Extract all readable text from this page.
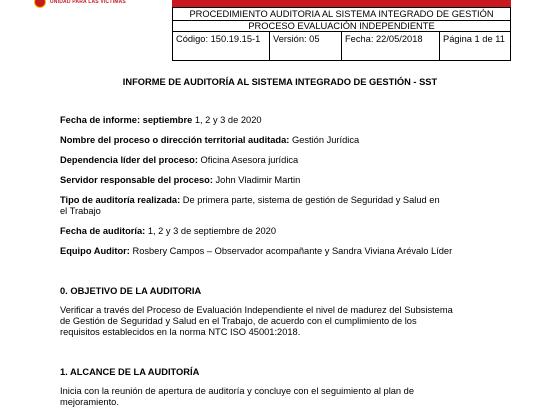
UNIDAD PARA LAS VÍCTIMAS
PROCEDIMIENTO AUDITORIA AL SISTEMA INTEGRADO DE GESTIÓN
PROCESO EVALUACIÓN INDEPENDIENTE
Código: 150.19.15-1	Versión: 05	Fecha: 22/05/2018	Página 1 de 11
INFORME DE AUDITORÍA AL SISTEMA INTEGRADO DE GESTIÓN - SST
Fecha de informe: septiembre 1, 2 y 3 de 2020
Nombre del proceso o dirección territorial auditada: Gestión Jurídica
Dependencia líder del proceso: Oficina Asesora jurídica
Servidor responsable del proceso: John Vladimir Martin
Tipo de auditoría realizada: De primera parte, sistema de gestión de Seguridad y Salud en
el Trabajo
Fecha de auditoría: 1, 2 y 3 de septiembre de 2020
Equipo Auditor: Rosbery Campos – Observador acompañante y Sandra Viviana Arévalo Líder
0. OBJETIVO DE LA AUDITORIA
Verificar a través del Proceso de Evaluación Independiente el nivel de madurez del Subsistema
de Gestión de Seguridad y Salud en el Trabajo, de acuerdo con el cumplimiento de los
requisitos establecidos en la norma NTC ISO 45001:2018.
1. ALCANCE DE LA AUDITORÍA
Inicia con la reunión de apertura de auditoría y concluye con el seguimiento al plan de
mejoramiento.
